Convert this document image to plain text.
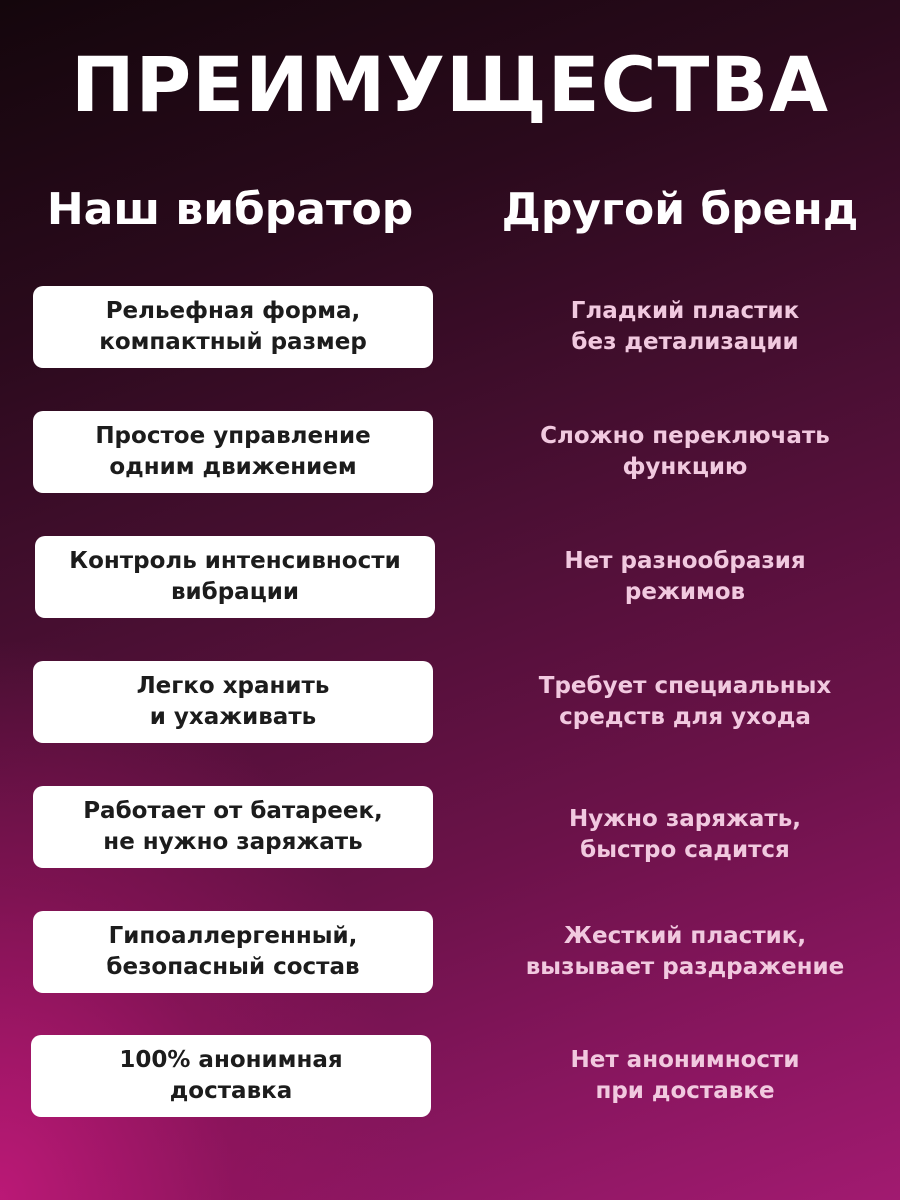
ПРЕИМУЩЕСТВА
Наш вибратор	Другой бренд
Рельефная форма,
компактный размер
Гладкий пластик
без детализации
Простое управление
одним движением
Сложно переключать
функцию
Контроль интенсивности
вибрации
Нет разнообразия
режимов
Легко хранить
и ухаживать
Требует специальных
средств для ухода
Работает от батареек,
не нужно заряжать
Нужно заряжать,
быстро садится
Гипоаллергенный,
безопасный состав
Жесткий пластик,
вызывает раздражение
100% анонимная
доставка
Нет анонимности
при доставке
